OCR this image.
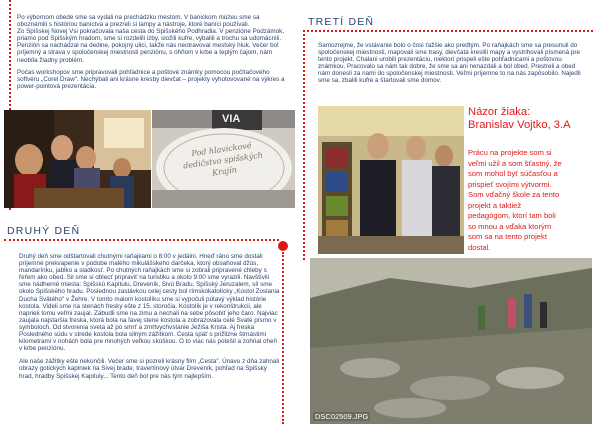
Po výbornom obede sme sa vydali na prechádzku mestom. V banickom múzeu sme sa oboznámili s históriou baníctva a prezreli si lampy a nástroje, ktoré baníci používali.
Zo Spišskej Novej Vsi pokračovala naša cesta do Spišského Podhradia. V penzióne Podzámok, priamo pod Spišským hradom, sme si rozdelili izby, složili kufre, vybalili a trochu sa udomácnili. Penzión sa nachádzal na dedine, pokojný ulici, takže nás neotravoval mestský hluk. Večer bol príjemný a strava v spoločenskej miestnosti penziónu, s ohňom v krbe a teplým čajom, nám neobíla žiadny problém.
Počas workshopov sme pripravovali pohľadnice a poštové známky pomocou počítačového softvéru „Corel Draw". Nechýbali ani krásne kresby dievčat – projekty vyhotovované na výkres a power-pointová prezentácia.
VIA
Pod hlavickové dedičstvo spišských Krajín
DRUHÝ DEŇ
Druhý deň sme odštartovali chutnými raňajkami o 8:00 v jedálni. Hneď ráno sme dostali príjemné prekvapenie v podobe malého mikulášskeho darčeka, ktorý obsahoval džús, mandarínku, jablko a sladkosť. Po chutných raňajkách sme si zobrali pripravené chleby s řeřem ako obed. Sil sme si oblecť pripraviť na turistiku a okolo 9:00 sme vyrazili. Navštívili sme nádherné miesta: Spišskú Kapitulu, Dreveník, Sivú Bradu, Spišský Jeruzalem, síl sme okolo Spišského hradu. Poslednou zastávkou celej cesty bol rímskokatolícky „Kostol Zoslania Ducha Svätého" v Žehre. V tomto malom kostolíku sme si vypočuli pútavý výklad histórie kostola. Videli sme na stenách fresky ešte z 15. storočia. Kostolík je v rekonštrukcii, ale napriek tomu veľmi zaujal. Zábudli sme na zimu a nechali na sebe pôsobiť jeho čaro. Najviac zaujala najstaršia freska, ktorá bola na ľavej stene kostola a zobrazovala celé Svaté písmo v symboloch. Od stvorenia sveta až po smrť a zmŕtvychvstanie Ježiša Krista. Aj freska Posledného súdu v strede kostola bola silným zážitkom. Cesta späť s prižlizne štrnástimi kilometrami v nohách bola pre mnohých veľkou skúškou. O to viac nás potešil a zohrial oheň v krbe penziónu.
Ale naše zážitky ešte nekončili. Večer sme si pozreli krásny film „Cesta". Únavu z dňa zahnali obrazy gotických kaplniek na Sivej brade, travertínový útvar Dreveník, pohľad na Spišský hrad, hradby Spišskej Kapituly... Tento deň bol pre nás tým najlepším.
TRETÍ DEŇ
Samozrejme, že vstávanie bolo o čosi ťažšie ako predtým. Po raňajkách sme sa presunuli do spoločenskej miestnosti, mapovali sme trasy, dievčatá kreslili mapy a vystrihovali písmená pre tento projekt. Chalani urobili prezentáciu, niektorí prispeli ešte pohľadnicami a poštovou známkou. Pracovalo sa nám tak dobre, že sme sa ani nenazdali a bol obed. Prestreli a obed nám donesli za nami do spoločenskej miestnosti. Veľmi príjemne to na nás zapôsobilo. Najedli sme sa, zbalili kufre a štartovali sme domov.
Názor žiaka:
Branislav Vojtko, 3.A
Prácu na projekte som si
veľmi užil a som šťastný, že
som mohol byť súčasťou a
prispieť svojími výtvormi.
Som vďačný škole za tento
projekt a taktiež
pedagógom, ktorí tam boli
so mnou a vďaka ktorým
som sa na tento projekt
dostal.
DSC02509.JPG
